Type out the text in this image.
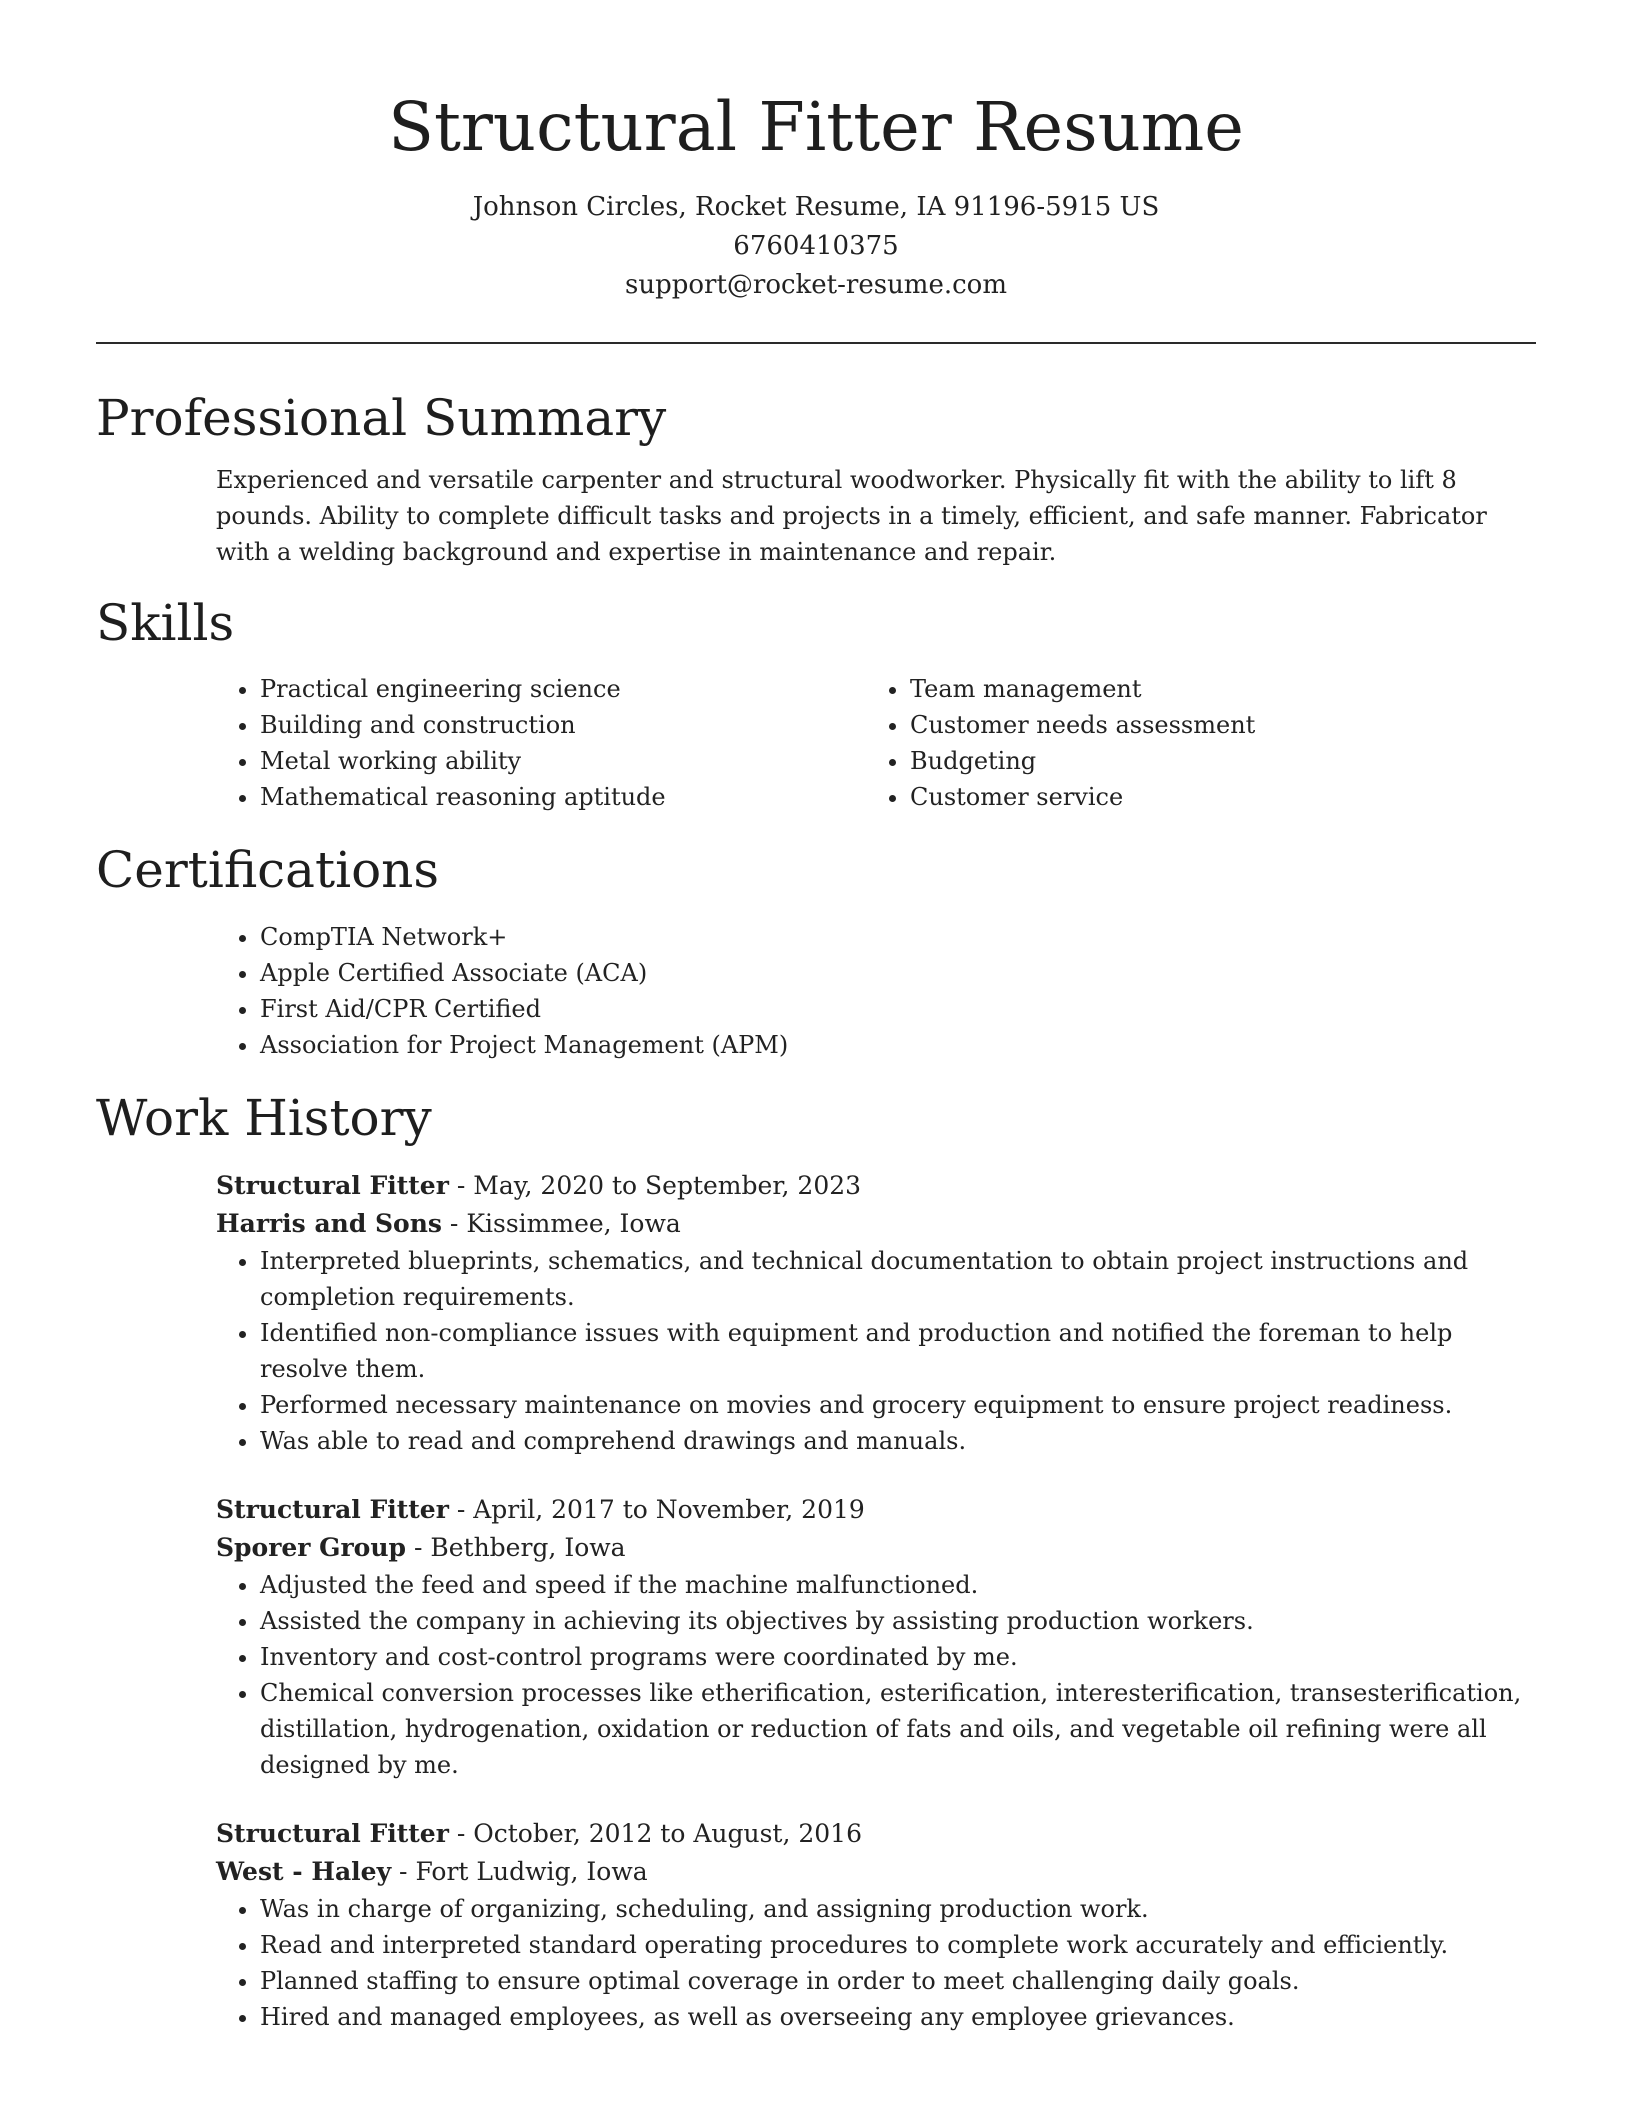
Structural Fitter Resume

Johnson Circles, Rocket Resume, IA 91196-5915 US

6760410375

support@rocket-resume.com

Professional Summary

Experienced and versatile carpenter and structural woodworker. Physically fit with the ability to lift 8 pounds. Ability to complete difficult tasks and projects in a timely, efficient, and safe manner. Fabricator with a welding background and expertise in maintenance and repair.

Skills
• Practical engineering science
• Building and construction
• Metal working ability
• Mathematical reasoning aptitude
• Team management
• Customer needs assessment
• Budgeting
• Customer service
Certifications
• CompTIA Network+
• Apple Certified Associate (ACA)
• First Aid/CPR Certified
• Association for Project Management (APM)
Work History

Structural Fitter - May, 2020 to September, 2023

Harris and Sons - Kissimmee, Iowa

• Interpreted blueprints, schematics, and technical documentation to obtain project instructions and completion requirements.
• Identified non-compliance issues with equipment and production and notified the foreman to help resolve them.
• Performed necessary maintenance on movies and grocery equipment to ensure project readiness.
• Was able to read and comprehend drawings and manuals.

Structural Fitter - April, 2017 to November, 2019

Sporer Group - Bethberg, Iowa

• Adjusted the feed and speed if the machine malfunctioned.
• Assisted the company in achieving its objectives by assisting production workers.
• Inventory and cost-control programs were coordinated by me.
• Chemical conversion processes like etherification, esterification, interesterification, transesterification, distillation, hydrogenation, oxidation or reduction of fats and oils, and vegetable oil refining were all designed by me.

Structural Fitter - October, 2012 to August, 2016

West - Haley - Fort Ludwig, Iowa

• Was in charge of organizing, scheduling, and assigning production work.
• Read and interpreted standard operating procedures to complete work accurately and efficiently.
• Planned staffing to ensure optimal coverage in order to meet challenging daily goals.
• Hired and managed employees, as well as overseeing any employee grievances.
